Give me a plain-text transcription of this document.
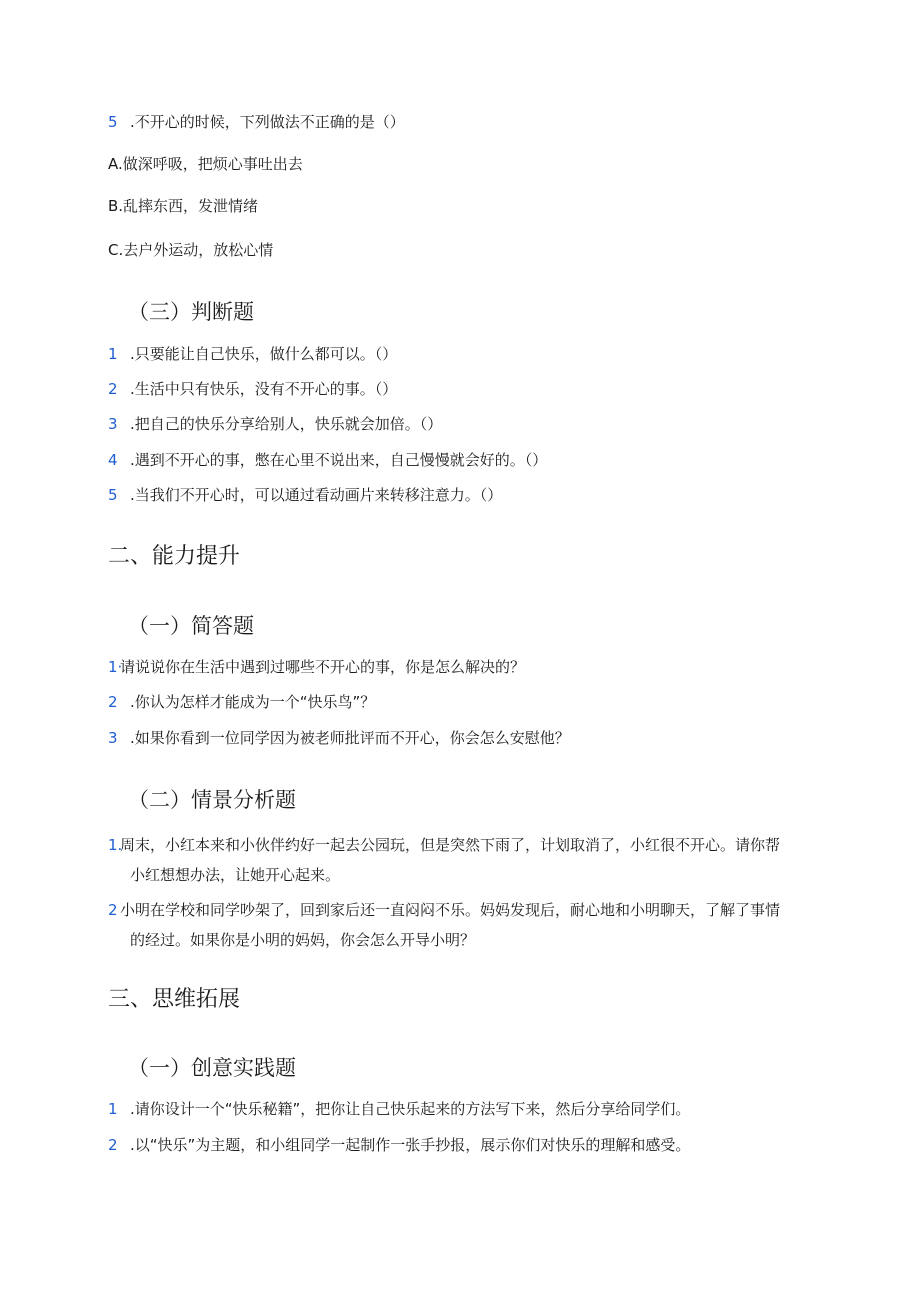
5 .不开心的时候，下列做法不正确的是（）
A.做深呼吸，把烦心事吐出去
B.乱摔东西，发泄情绪
C.去户外运动，放松心情
（三）判断题
1 .只要能让自己快乐，做什么都可以。（）
2 .生活中只有快乐，没有不开心的事。（）
3 .把自己的快乐分享给别人，快乐就会加倍。（）
4 .遇到不开心的事，憋在心里不说出来，自己慢慢就会好的。（）
5 .当我们不开心时，可以通过看动画片来转移注意力。（）
二、能力提升
（一）简答题
1·请说说你在生活中遇到过哪些不开心的事，你是怎么解决的？
2 .你认为怎样才能成为一个“快乐鸟”？
3 .如果你看到一位同学因为被老师批评而不开心，你会怎么安慰他？
（二）情景分析题
1.周末，小红本来和小伙伴约好一起去公园玩，但是突然下雨了，计划取消了，小红很不开心。请你帮
小红想想办法，让她开心起来。
2 小明在学校和同学吵架了，回到家后还一直闷闷不乐。妈妈发现后，耐心地和小明聊天，了解了事情
的经过。如果你是小明的妈妈，你会怎么开导小明？
三、思维拓展
（一）创意实践题
1 .请你设计一个“快乐秘籍”，把你让自己快乐起来的方法写下来，然后分享给同学们。
2 .以“快乐”为主题，和小组同学一起制作一张手抄报，展示你们对快乐的理解和感受。
